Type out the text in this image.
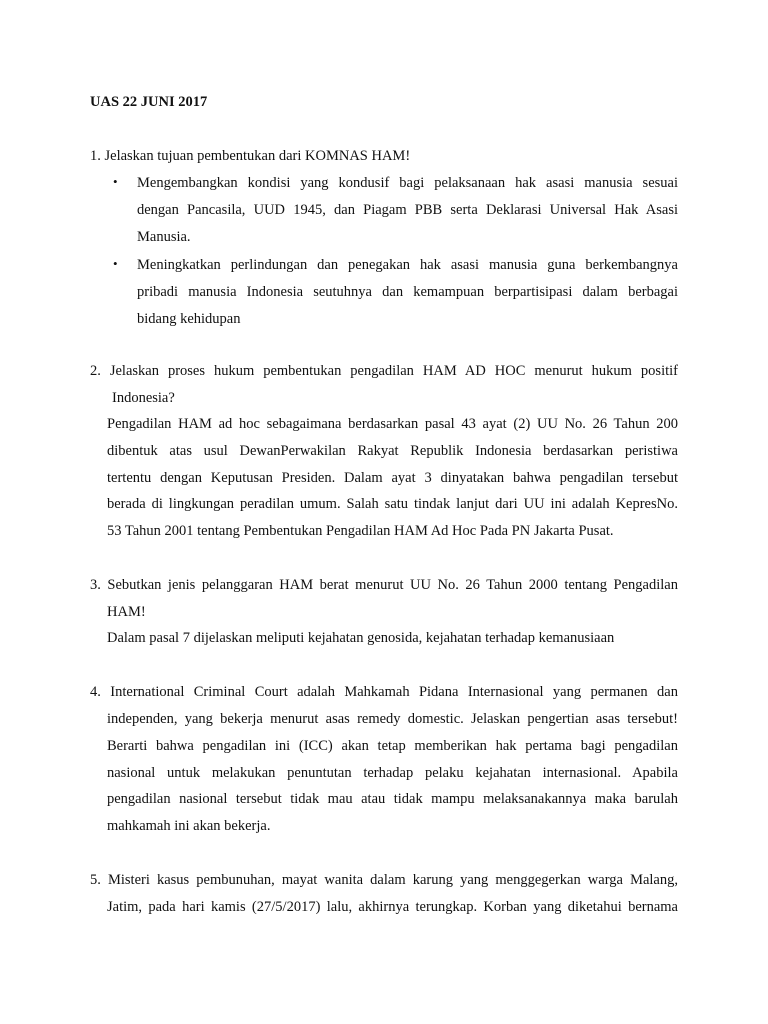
UAS 22 JUNI 2017
1. Jelaskan tujuan pembentukan dari KOMNAS HAM!
• Mengembangkan kondisi yang kondusif bagi pelaksanaan hak asasi manusia sesuai
dengan Pancasila, UUD 1945, dan Piagam PBB serta Deklarasi Universal Hak Asasi
Manusia.
• Meningkatkan perlindungan dan penegakan hak asasi manusia guna berkembangnya
pribadi manusia Indonesia seutuhnya dan kemampuan berpartisipasi dalam berbagai
bidang kehidupan
2. Jelaskan proses hukum pembentukan pengadilan HAM AD HOC menurut hukum positif
Indonesia?
Pengadilan HAM ad hoc sebagaimana berdasarkan pasal 43 ayat (2) UU No. 26 Tahun 200
dibentuk atas usul DewanPerwakilan Rakyat Republik Indonesia berdasarkan peristiwa
tertentu dengan Keputusan Presiden. Dalam ayat 3 dinyatakan bahwa pengadilan tersebut
berada di lingkungan peradilan umum. Salah satu tindak lanjut dari UU ini adalah KepresNo.
53 Tahun 2001 tentang Pembentukan Pengadilan HAM Ad Hoc Pada PN Jakarta Pusat.
3. Sebutkan jenis pelanggaran HAM berat menurut UU No. 26 Tahun 2000 tentang Pengadilan
HAM!
Dalam pasal 7 dijelaskan meliputi kejahatan genosida, kejahatan terhadap kemanusiaan
4. International Criminal Court adalah Mahkamah Pidana Internasional yang permanen dan
independen, yang bekerja menurut asas remedy domestic. Jelaskan pengertian asas tersebut!
Berarti bahwa pengadilan ini (ICC) akan tetap memberikan hak pertama bagi pengadilan
nasional untuk melakukan penuntutan terhadap pelaku kejahatan internasional. Apabila
pengadilan nasional tersebut tidak mau atau tidak mampu melaksanakannya maka barulah
mahkamah ini akan bekerja.
5. Misteri kasus pembunuhan, mayat wanita dalam karung yang menggegerkan warga Malang,
Jatim, pada hari kamis (27/5/2017) lalu, akhirnya terungkap. Korban yang diketahui bernama
